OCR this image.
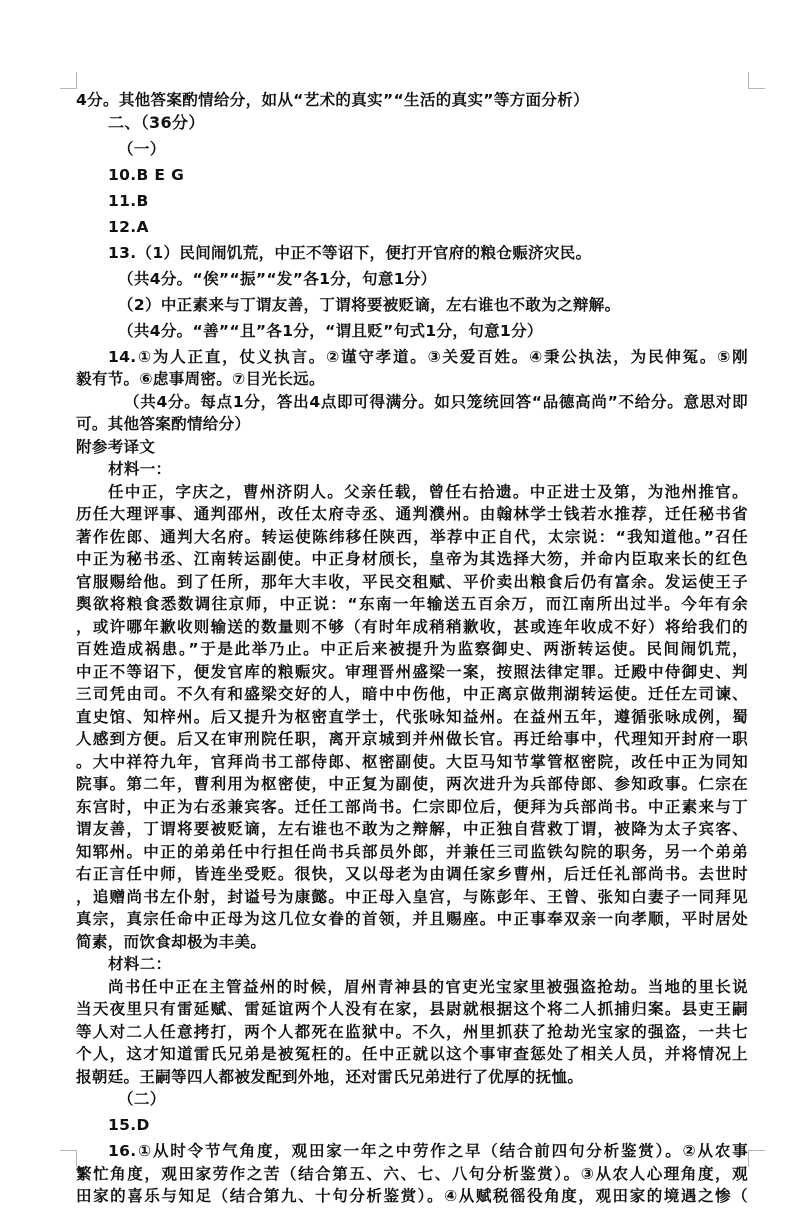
4分。其他答案酌情给分，如从“艺术的真实”“生活的真实”等方面分析）
二、（36分）
（一）
10.B E G
11.B
12.A
13.（1）民间闹饥荒，中正不等诏下，便打开官府的粮仓赈济灾民。
（共4分。“俟”“振”“发”各1分，句意1分）
（2）中正素来与丁谓友善，丁谓将要被贬谪，左右谁也不敢为之辩解。
（共4分。“善”“且”各1分，“谓且贬”句式1分，句意1分）
14.①为人正直，仗义执言。②谨守孝道。③关爱百姓。④秉公执法，为民伸冤。⑤刚
毅有节。⑥虑事周密。⑦目光长远。
（共4分。每点1分，答出4点即可得满分。如只笼统回答“品德高尚”不给分。意思对即
可。其他答案酌情给分）
附参考译文
材料一：
任中正，字庆之，曹州济阴人。父亲任载，曾任右拾遗。中正进士及第，为池州推官。
历任大理评事、通判邵州，改任太府寺丞、通判濮州。由翰林学士钱若水推荐，迁任秘书省
著作佐郎、通判大名府。转运使陈纬移任陕西，举荐中正自代，太宗说：“我知道他。”召任
中正为秘书丞、江南转运副使。中正身材颀长，皇帝为其选择大笏，并命内臣取来长的红色
官服赐给他。到了任所，那年大丰收，平民交租赋、平价卖出粮食后仍有富余。发运使王子
舆欲将粮食悉数调往京师，中正说：“东南一年输送五百余万，而江南所出过半。今年有余
，或许哪年歉收则输送的数量则不够（有时年成稍稍歉收，甚或连年收成不好）将给我们的
百姓造成祸患。”于是此举乃止。中正后来被提升为监察御史、两浙转运使。民间闹饥荒，
中正不等诏下，便发官库的粮赈灾。审理晋州盛梁一案，按照法律定罪。迁殿中侍御史、判
三司凭由司。不久有和盛梁交好的人，暗中中伤他，中正离京做荆湖转运使。迁任左司谏、
直史馆、知梓州。后又提升为枢密直学士，代张咏知益州。在益州五年，遵循张咏成例，蜀
人感到方便。后又在审刑院任职，离开京城到并州做长官。再迁给事中，代理知开封府一职
。大中祥符九年，官拜尚书工部侍郎、枢密副使。大臣马知节掌管枢密院，改任中正为同知
院事。第二年，曹利用为枢密使，中正复为副使，两次进升为兵部侍郎、参知政事。仁宗在
东宫时，中正为右丞兼宾客。迁任工部尚书。仁宗即位后，便拜为兵部尚书。中正素来与丁
谓友善，丁谓将要被贬谪，左右谁也不敢为之辩解，中正独自营救丁谓，被降为太子宾客、
知郓州。中正的弟弟任中行担任尚书兵部员外郎，并兼任三司监铁勾院的职务，另一个弟弟
右正言任中师，皆连坐受贬。很快，又以母老为由调任家乡曹州，后迁任礼部尚书。去世时
，追赠尚书左仆射，封谥号为康懿。中正母入皇宫，与陈彭年、王曾、张知白妻子一同拜见
真宗，真宗任命中正母为这几位女眷的首领，并且赐座。中正事奉双亲一向孝顺，平时居处
简素，而饮食却极为丰美。
材料二：
尚书任中正在主管益州的时候，眉州青神县的官吏光宝家里被强盗抢劫。当地的里长说
当天夜里只有雷延赋、雷延谊两个人没有在家，县尉就根据这个将二人抓捕归案。县吏王嗣
等人对二人任意拷打，两个人都死在监狱中。不久，州里抓获了抢劫光宝家的强盗，一共七
个人，这才知道雷氏兄弟是被冤枉的。任中正就以这个事审查惩处了相关人员，并将情况上
报朝廷。王嗣等四人都被发配到外地，还对雷氏兄弟进行了优厚的抚恤。
（二）
15.D
16.①从时令节气角度，观田家一年之中劳作之早（结合前四句分析鉴赏）。②从农事
繁忙角度，观田家劳作之苦（结合第五、六、七、八句分析鉴赏）。③从农人心理角度，观
田家的喜乐与知足（结合第九、十句分析鉴赏）。④从赋税徭役角度，观田家的境遇之惨（
